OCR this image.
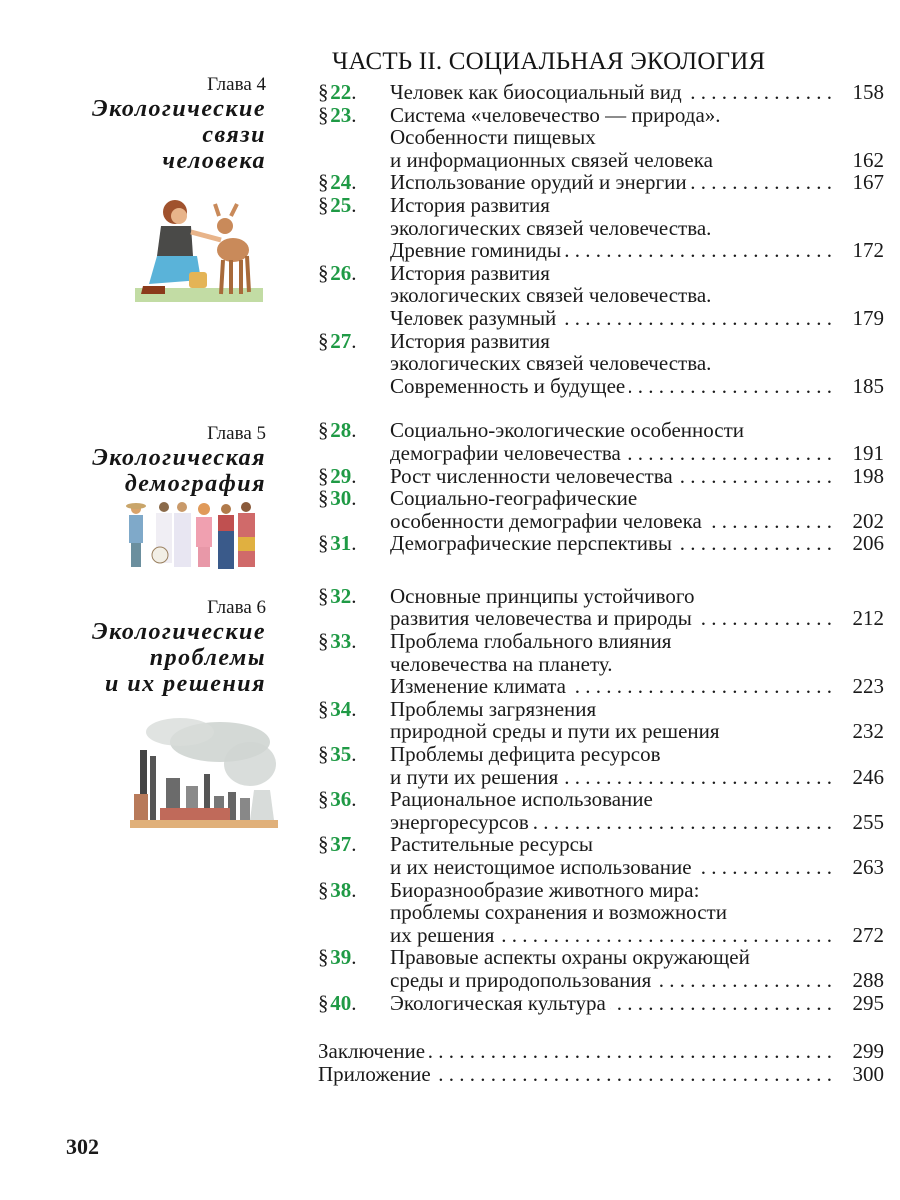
ЧАСТЬ II. СОЦИАЛЬНАЯ ЭКОЛОГИЯ
Глава 4
Экологические
связи
человека
Глава 5
Экологическая
демография
Глава 6
Экологические
проблемы
и их решения
§ 22.	Человек как биосоциальный вид . . .	158
§ 23.	Система «человечество — природа».
Особенности пищевых
и информационных связей человека	162
§ 24.	Использование орудий и энергии . . .	167
§ 25.	История развития
экологических связей человечества.
Древние гоминиды . . .	172
§ 26.	История развития
экологических связей человечества.
Человек разумный . . .	179
§ 27.	История развития
экологических связей человечества.
Современность и будущее . . .	185
§ 28.	Социально-экологические особенности
демографии человечества . . .	191
§ 29.	Рост численности человечества . . .	198
§ 30.	Социально-географические
особенности демографии человека . . .	202
§ 31.	Демографические перспективы . . .	206
§ 32.	Основные принципы устойчивого
развития человечества и природы . . .	212
§ 33.	Проблема глобального влияния
человечества на планету.
Изменение климата . . .	223
§ 34.	Проблемы загрязнения
природной среды и пути их решения	232
§ 35.	Проблемы дефицита ресурсов
и пути их решения . . .	246
§ 36.	Рациональное использование
энергоресурсов . . .	255
§ 37.	Растительные ресурсы
и их неистощимое использование . . .	263
§ 38.	Биоразнообразие животного мира:
проблемы сохранения и возможности
их решения . . .	272
§ 39.	Правовые аспекты охраны окружающей
среды и природопользования . . .	288
§ 40.	Экологическая культура . . .	295
Заключение . . .	299
Приложение . . .	300
302
